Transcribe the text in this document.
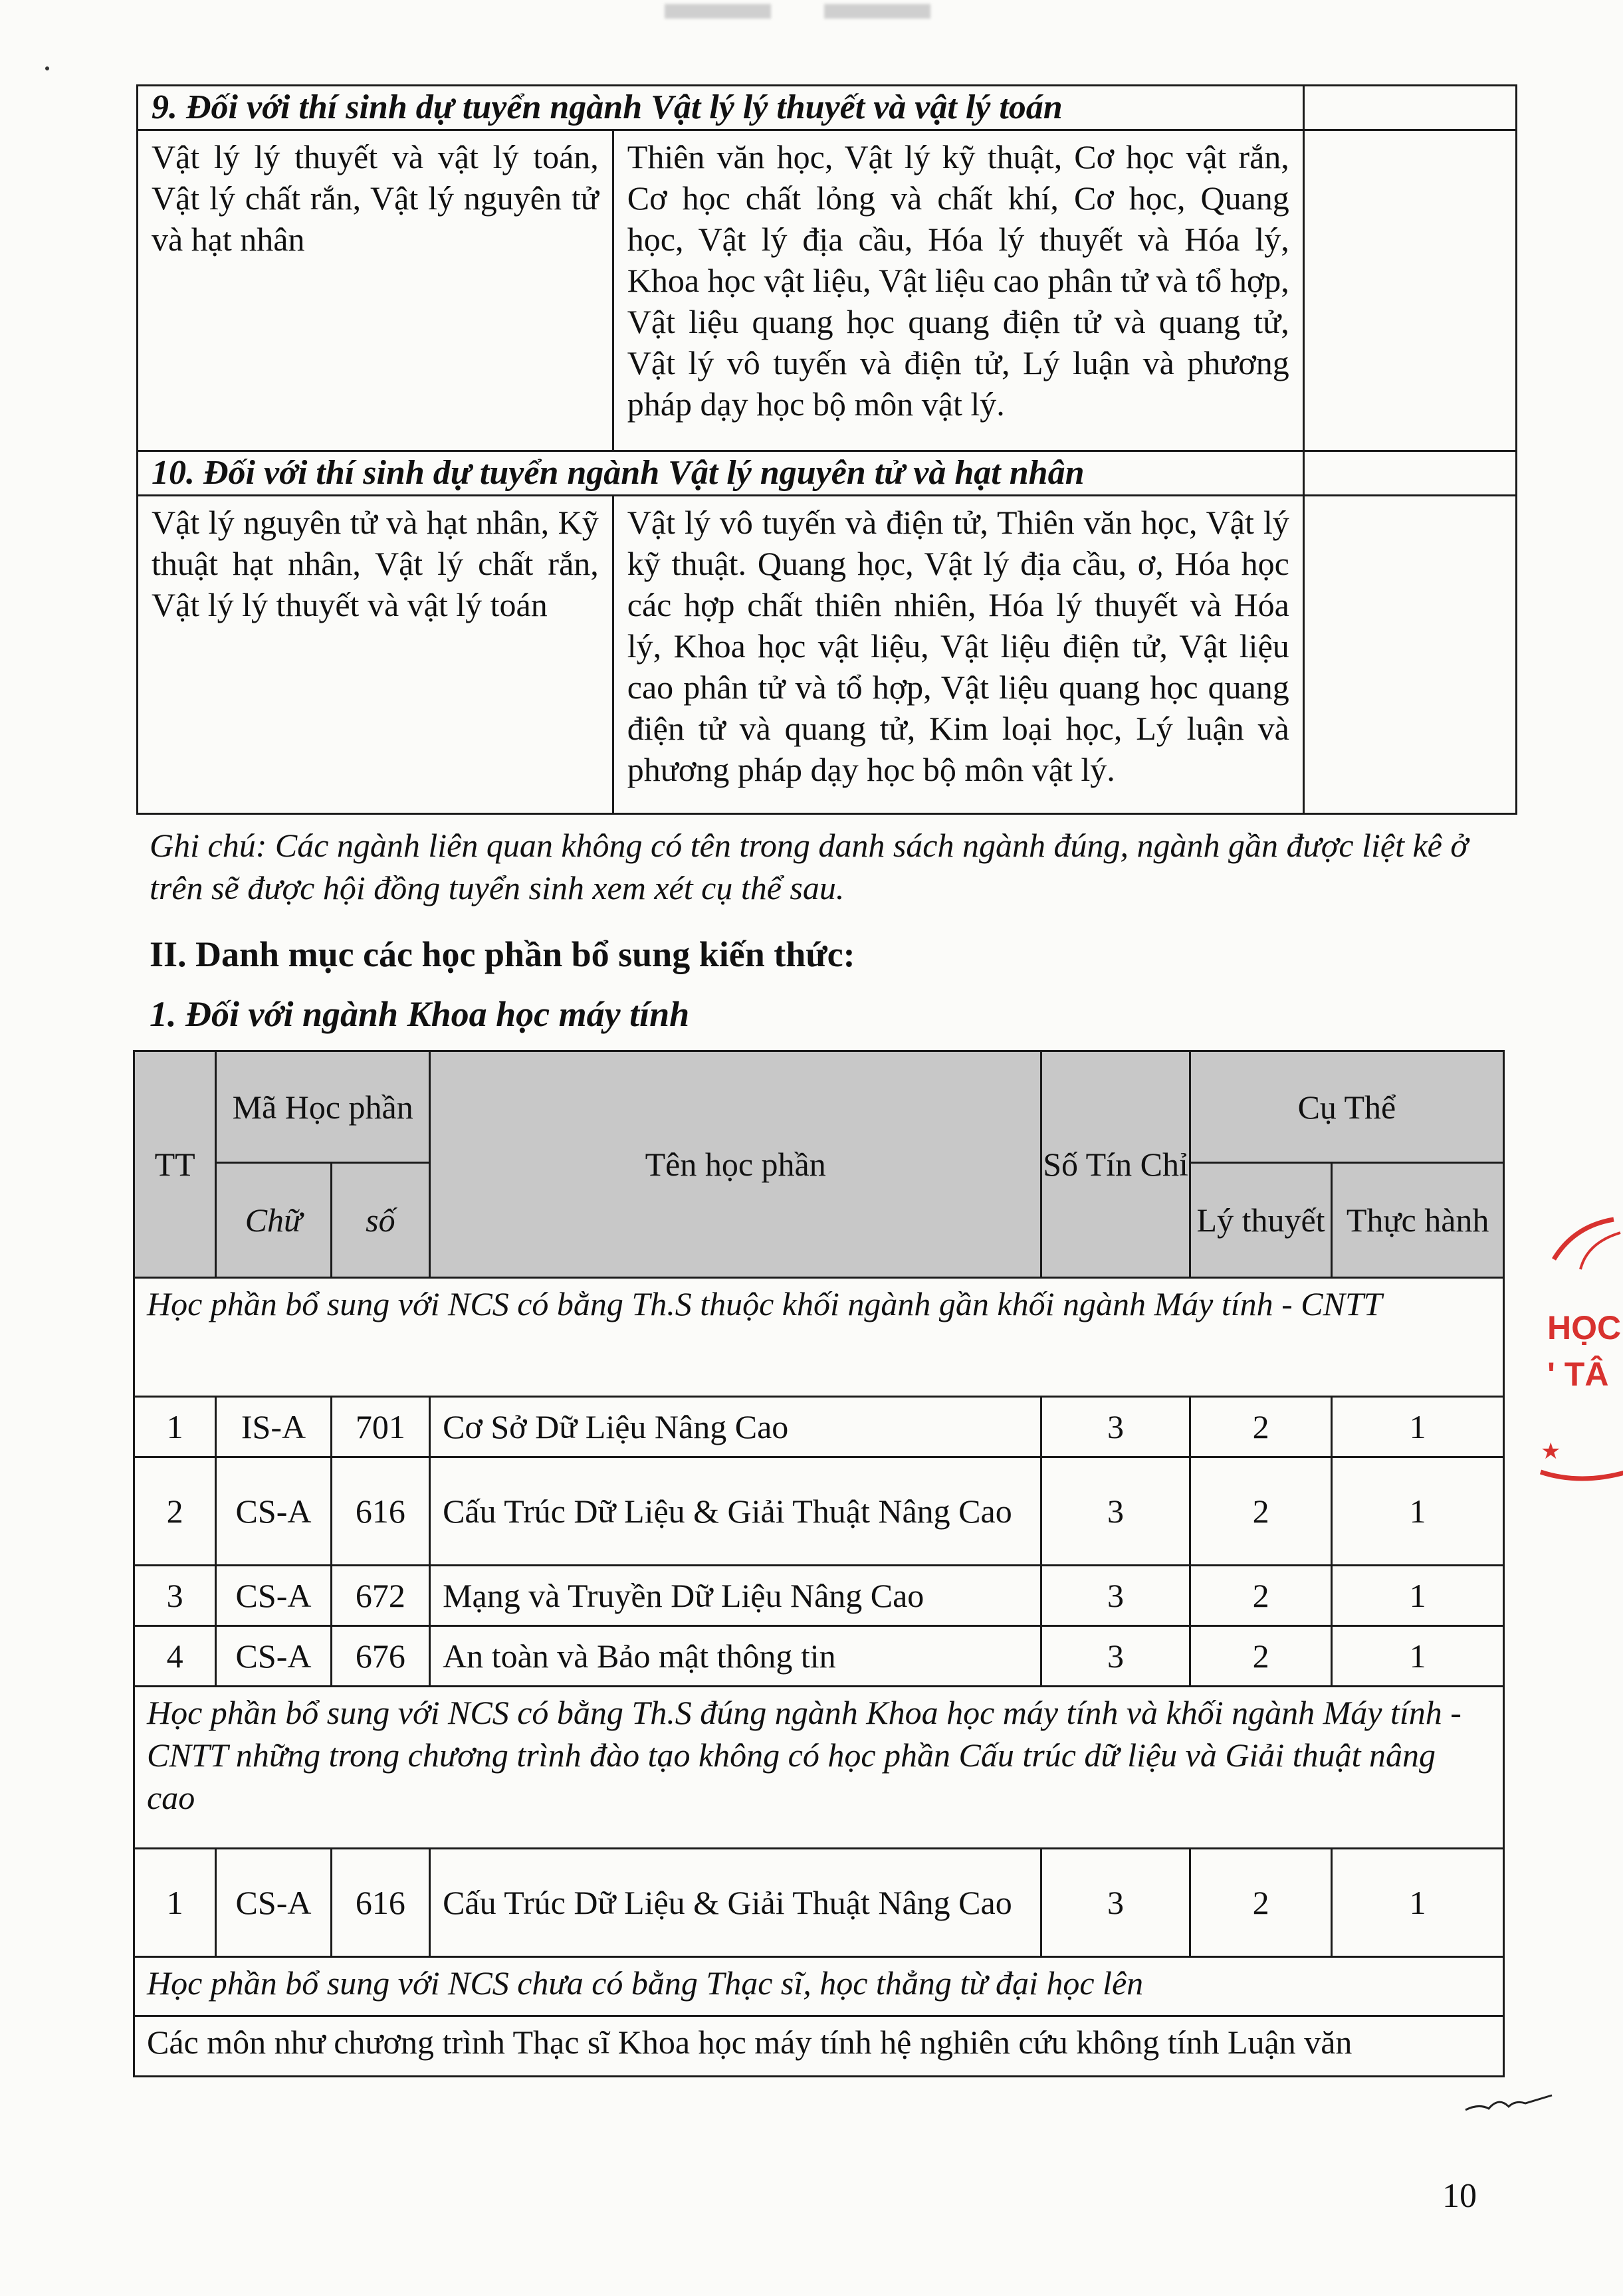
9. Đối với thí sinh dự tuyển ngành Vật lý lý thuyết và vật lý toán		
Vật lý lý thuyết và vật lý toán, Vật lý chất rắn, Vật lý nguyên tử và hạt nhân	Thiên văn học, Vật lý kỹ thuật, Cơ học vật rắn, Cơ học chất lỏng và chất khí, Cơ học, Quang học, Vật lý địa cầu, Hóa lý thuyết và Hóa lý, Khoa học vật liệu, Vật liệu cao phân tử và tổ hợp, Vật liệu quang học quang điện tử và quang tử, Vật lý vô tuyến và điện tử, Lý luận và phương pháp dạy học bộ môn vật lý.	
10. Đối với thí sinh dự tuyển ngành Vật lý nguyên tử và hạt nhân		
Vật lý nguyên tử và hạt nhân, Kỹ thuật hạt nhân, Vật lý chất rắn, Vật lý lý thuyết và vật lý toán	Vật lý vô tuyến và điện tử, Thiên văn học, Vật lý kỹ thuật. Quang học, Vật lý địa cầu, ơ, Hóa học các hợp chất thiên nhiên, Hóa lý thuyết và Hóa lý, Khoa học vật liệu, Vật liệu điện tử, Vật liệu cao phân tử và tổ hợp, Vật liệu quang học quang điện tử và quang tử, Kim loại học, Lý luận và phương pháp dạy học bộ môn vật lý.	
Ghi chú: Các ngành liên quan không có tên trong danh sách ngành đúng, ngành gần được liệt kê ở trên sẽ được hội đồng tuyển sinh xem xét cụ thể sau.
II. Danh mục các học phần bổ sung kiến thức:
1. Đối với ngành Khoa học máy tính
TT	Mã Học phần		Tên học phần	Số Tín Chỉ	Cụ Thể	
	Chữ	số			Lý thuyết	Thực hành
Học phần bổ sung với NCS có bằng Th.S thuộc khối ngành gần khối ngành Máy tính - CNTT						
1	IS-A	701	Cơ Sở Dữ Liệu Nâng Cao	3	2	1
2	CS-A	616	Cấu Trúc Dữ Liệu & Giải Thuật Nâng Cao	3	2	1
3	CS-A	672	Mạng và Truyền Dữ Liệu Nâng Cao	3	2	1
4	CS-A	676	An toàn và Bảo mật thông tin	3	2	1
Học phần bổ sung với NCS có bằng Th.S đúng ngành Khoa học máy tính và khối ngành Máy tính - CNTT những trong chương trình đào tạo không có học phần Cấu trúc dữ liệu và Giải thuật nâng cao						
1	CS-A	616	Cấu Trúc Dữ Liệu & Giải Thuật Nâng Cao	3	2	1
Học phần bổ sung với NCS chưa có bằng Thạc sĩ, học thẳng từ đại học lên						
Các môn như chương trình Thạc sĩ Khoa học máy tính hệ nghiên cứu không tính Luận văn						
HỌC
' TÂ
★
10
